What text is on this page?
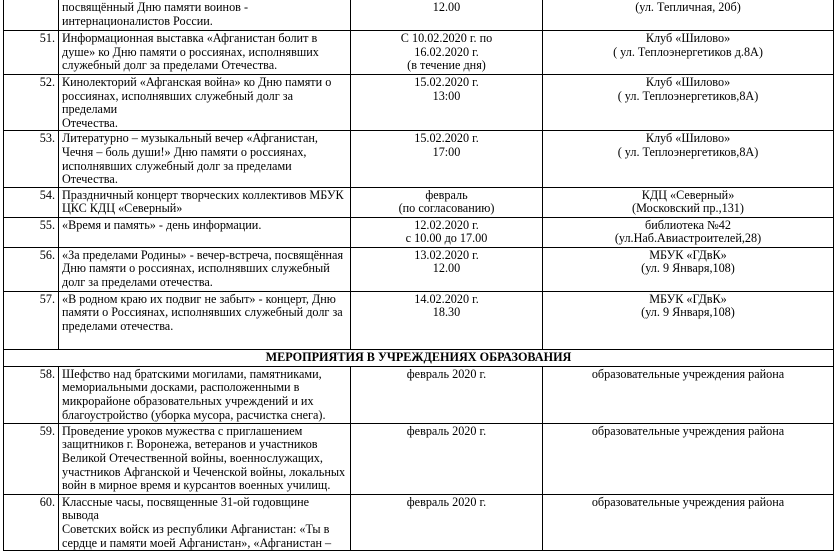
	посвящённый Дню памяти воинов -
интернационалистов России.	12.00	(ул. Тепличная, 20б)
51.	Информационная выставка «Афганистан болит в
душе» ко Дню памяти о россиянах, исполнявших
служебный долг за пределами Отечества.	С 10.02.2020 г. по
16.02.2020 г.
(в течение дня)	Клуб «Шилово»
( ул. Теплоэнергетиков д.8А)
52.	Кинолекторий «Афганская война» ко Дню памяти о
россиянах, исполнявших служебный долг за пределами
Отечества.	15.02.2020 г.
13:00	Клуб «Шилово»
( ул. Теплоэнергетиков,8А)
53.	Литературно – музыкальный вечер «Афганистан,
Чечня – боль души!» Дню памяти о россиянах,
исполнявших служебный долг за пределами Отечества.	15.02.2020 г.
17:00	Клуб «Шилово»
( ул. Теплоэнергетиков,8А)
54.	Праздничный концерт творческих коллективов МБУК
ЦКС КДЦ «Северный»	февраль
(по согласованию)	КДЦ «Северный»
(Московский пр.,131)
55.	«Время и память» - день информации.	12.02.2020 г.
с 10.00 до 17.00	библиотека №42
(ул.Наб.Авиастроителей,28)
56.	«За пределами Родины» - вечер-встреча, посвящённая
Дню памяти о россиянах, исполнявших служебный
долг за пределами отечества.	13.02.2020 г.
12.00	МБУК «ГДвК»
(ул. 9 Января,108)
57.	«В родном краю их подвиг не забыт» - концерт, Дню
памяти о Россиянах, исполнявших служебный долг за
пределами отечества.	14.02.2020 г.
18.30	МБУК «ГДвК»
(ул. 9 Января,108)
МЕРОПРИЯТИЯ В УЧРЕЖДЕНИЯХ ОБРАЗОВАНИЯ			
58.	Шефство над братскими могилами, памятниками,
мемориальными досками, расположенными в
микрорайоне образовательных учреждений и их
благоустройство (уборка мусора, расчистка снега).	февраль 2020 г.	образовательные учреждения района
59.	Проведение уроков мужества с приглашением
защитников г. Воронежа, ветеранов и участников
Великой Отечественной войны, военнослужащих,
участников Афганской и Чеченской войны, локальных
войн в мирное время и курсантов военных училищ.	февраль 2020 г.	образовательные учреждения района
60.	Классные часы, посвященные 31-ой годовщине вывода
Советских войск из республики Афганистан: «Ты в
сердце и памяти моей Афганистан», «Афганистан –	февраль 2020 г.	образовательные учреждения района
